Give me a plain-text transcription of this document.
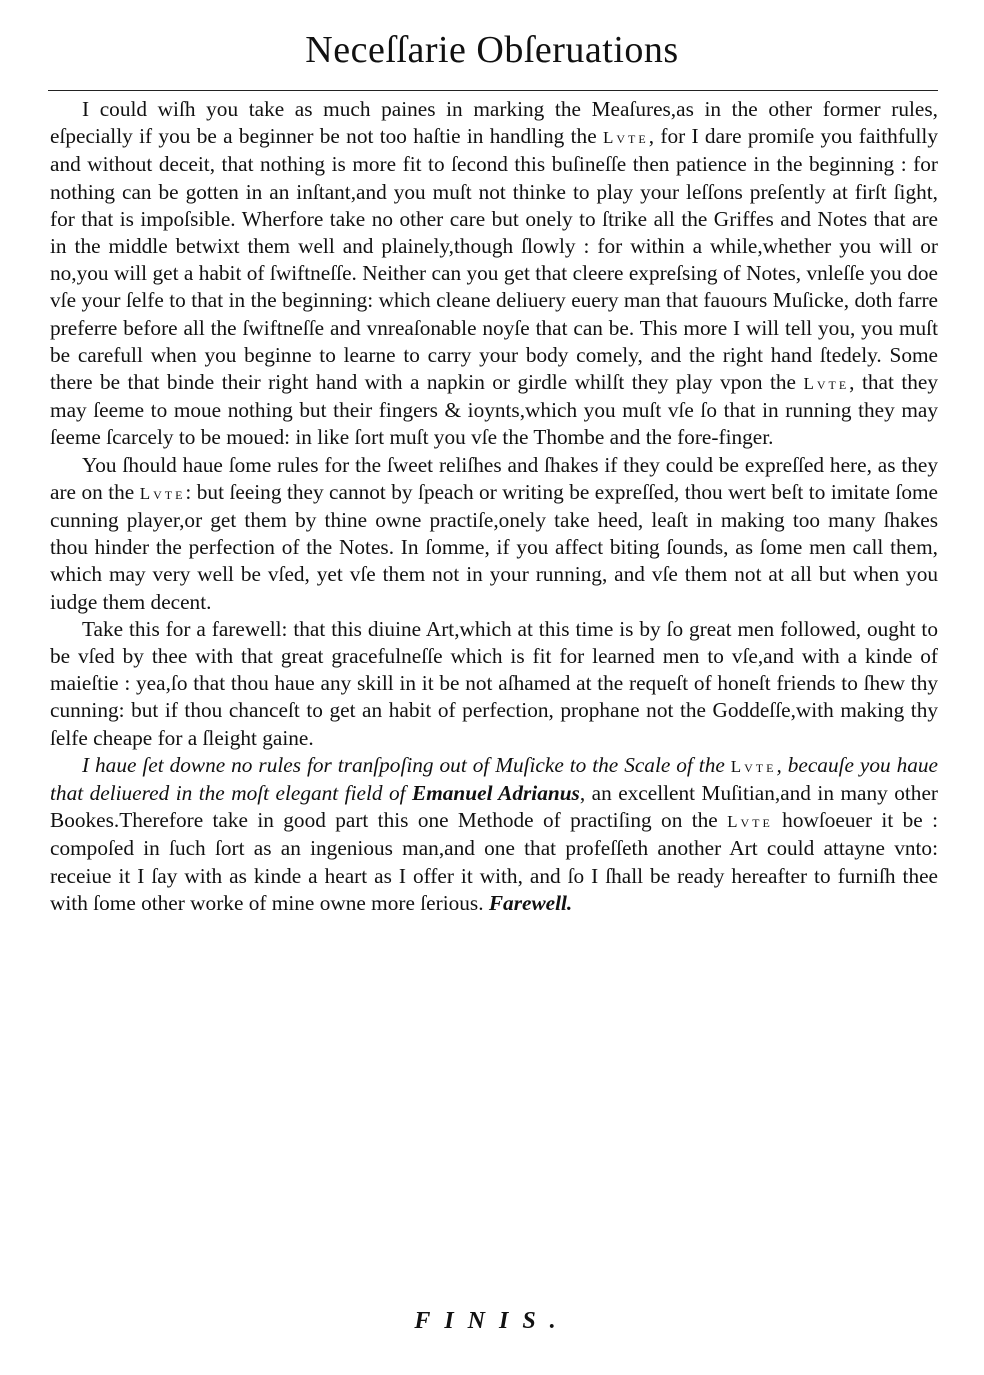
Neceſſarie Obſeruations

I could wiſh you take as much paines in marking the Meaſures,as in the other former rules, eſpecially if you be a beginner be not too haſtie in handling the Lvte, for I dare promiſe you faithfully and without deceit, that nothing is more fit to ſecond this buſineſſe then patience in the beginning : for nothing can be gotten in an inſtant,and you muſt not thinke to play your leſſons preſently at firſt ſight, for that is impoſsible. Wherfore take no other care but onely to ſtrike all the Griffes and Notes that are in the middle betwixt them well and plainely,though ſlowly : for within a while,whether you will or no,you will get a habit of ſwiftneſſe. Neither can you get that cleere expreſsing of Notes, vnleſſe you doe vſe your ſelfe to that in the beginning: which cleane deliuery euery man that fauours Muſicke, doth farre preferre before all the ſwiftneſſe and vnreaſonable noyſe that can be. This more I will tell you, you muſt be carefull when you beginne to learne to carry your body comely, and the right hand ſtedely. Some there be that binde their right hand with a napkin or girdle whilſt they play vpon the Lvte, that they may ſeeme to moue nothing but their fingers & ioynts,which you muſt vſe ſo that in running they may ſeeme ſcarcely to be moued: in like ſort muſt you vſe the Thombe and the fore-finger.

You ſhould haue ſome rules for the ſweet reliſhes and ſhakes if they could be expreſſed here, as they are on the Lvte: but ſeeing they cannot by ſpeach or writing be expreſſed, thou wert beſt to imitate ſome cunning player,or get them by thine owne practiſe,onely take heed, leaſt in making too many ſhakes thou hinder the perfection of the Notes. In ſomme, if you affect biting ſounds, as ſome men call them, which may very well be vſed, yet vſe them not in your running, and vſe them not at all but when you iudge them decent.

Take this for a farewell: that this diuine Art,which at this time is by ſo great men followed, ought to be vſed by thee with that great gracefulneſſe which is fit for learned men to vſe,and with a kinde of maieſtie : yea,ſo that thou haue any skill in it be not aſhamed at the requeſt of honeſt friends to ſhew thy cunning: but if thou chanceſt to get an habit of perfection, prophane not the Goddeſſe,with making thy ſelfe cheape for a ſleight gaine.

I haue ſet downe no rules for tranſpoſing out of Muſicke to the Scale of the Lvte, becauſe you haue that deliuered in the moſt elegant field of Emanuel Adrianus, an excellent Muſitian,and in many other Bookes.Therefore take in good part this one Methode of practiſing on the Lvte howſoeuer it be : compoſed in ſuch ſort as an ingenious man,and one that profeſſeth another Art could attayne vnto: receiue it I ſay with as kinde a heart as I offer it with, and ſo I ſhall be ready hereafter to furniſh thee with ſome other worke of mine owne more ſerious. Farewell.

FINIS.
